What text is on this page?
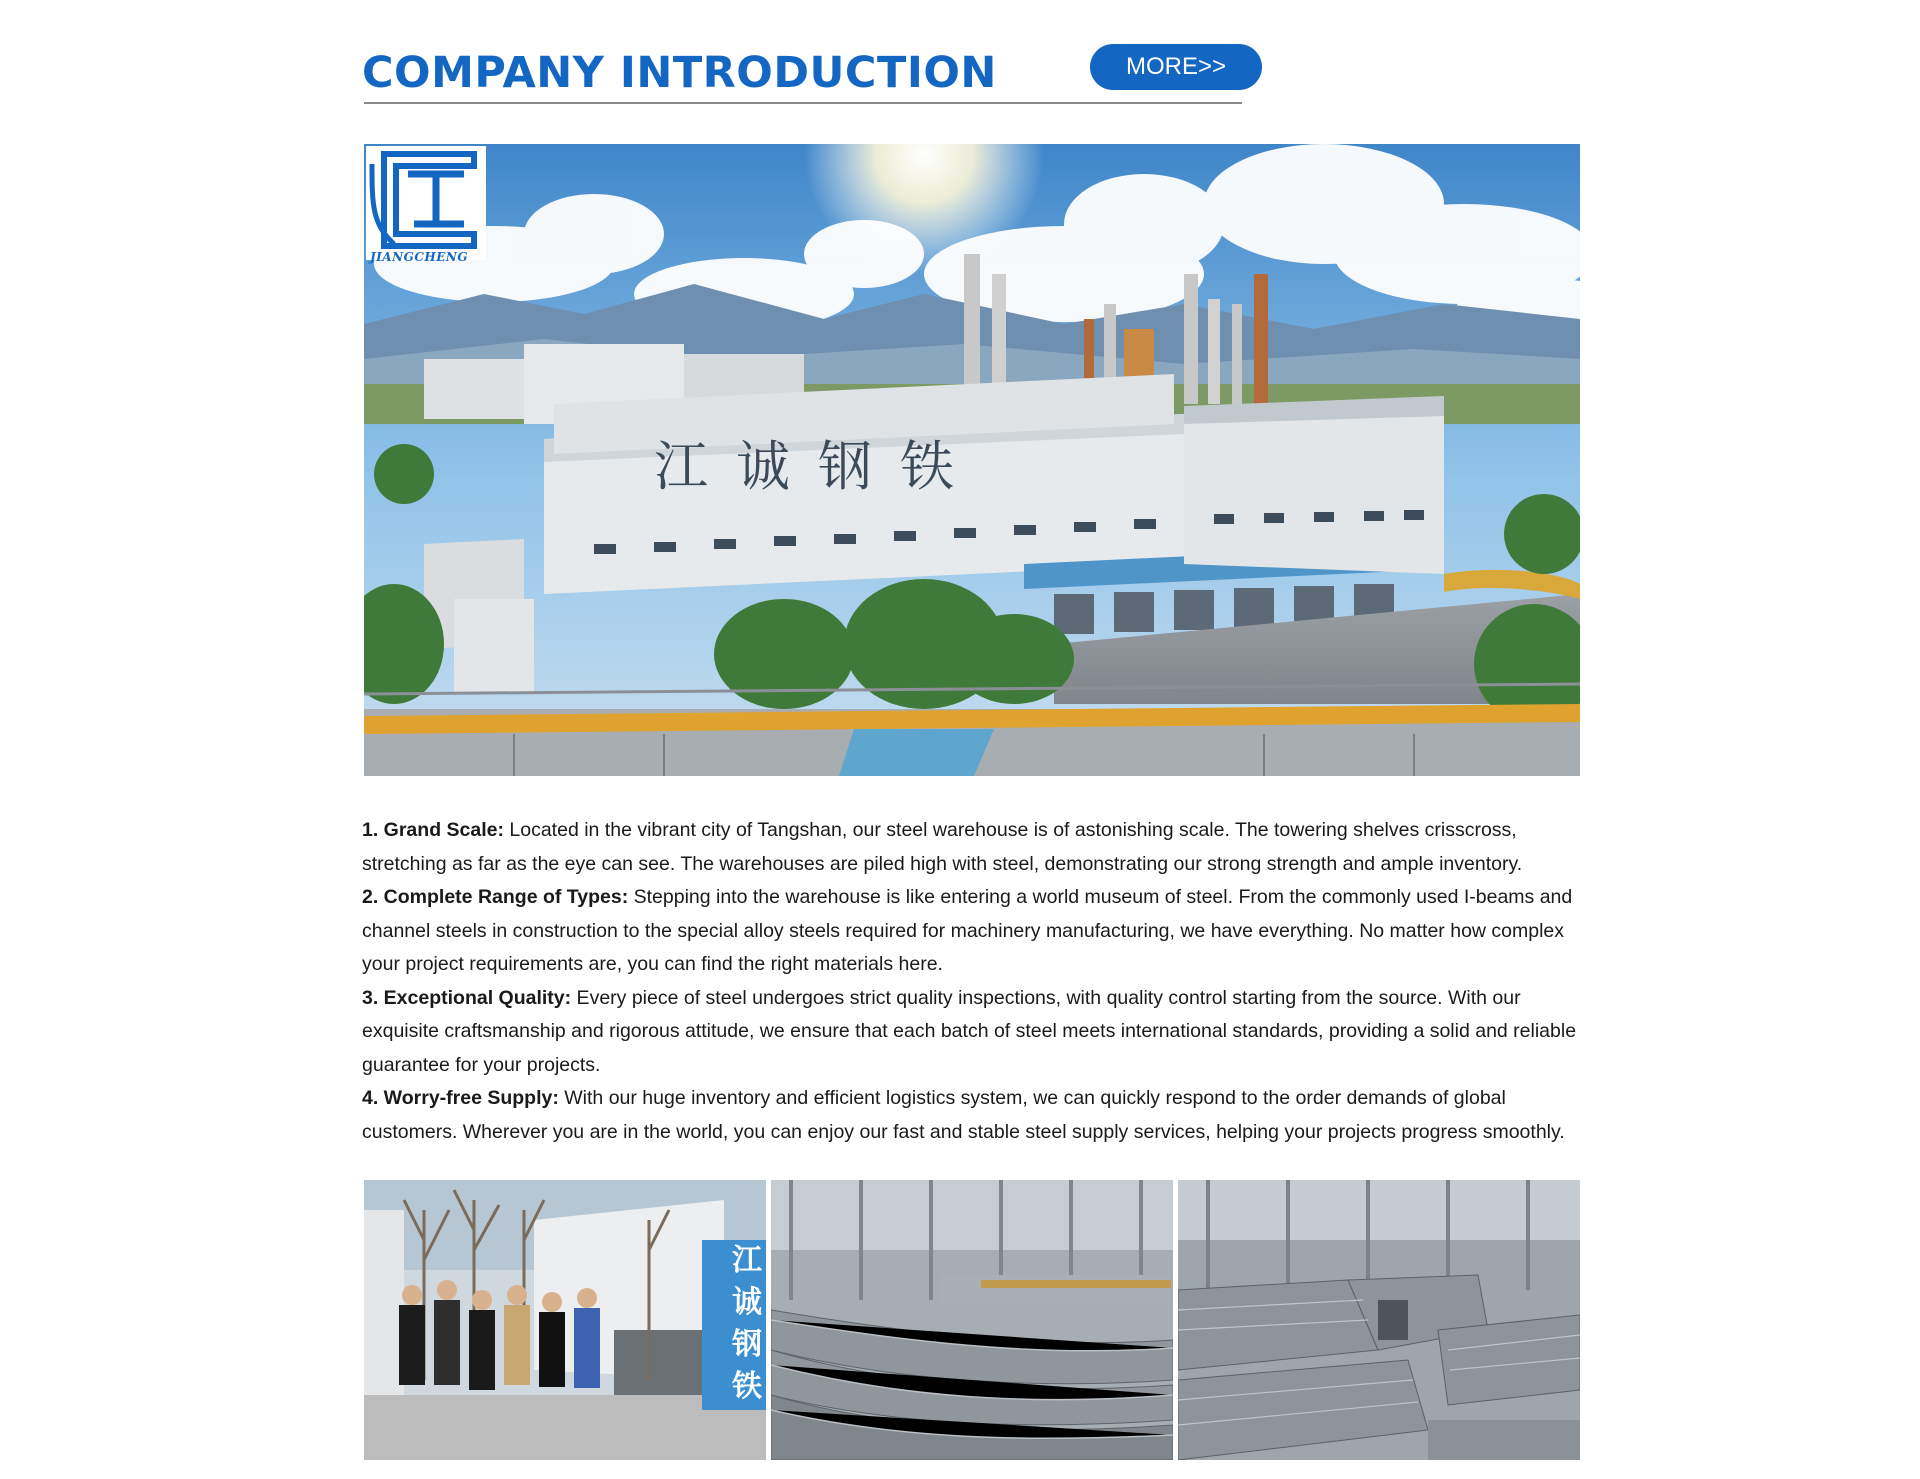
COMPANY INTRODUCTION	MORE>>
JIANGCHENG
江诚钢铁

1. Grand Scale: Located in the vibrant city of Tangshan, our steel warehouse is of astonishing scale. The towering shelves crisscross, stretching as far as the eye can see. The warehouses are piled high with steel, demonstrating our strong strength and ample inventory.

2. Complete Range of Types: Stepping into the warehouse is like entering a world museum of steel. From the commonly used I-beams and channel steels in construction to the special alloy steels required for machinery manufacturing, we have everything. No matter how complex your project requirements are, you can find the right materials here.

3. Exceptional Quality: Every piece of steel undergoes strict quality inspections, with quality control starting from the source. With our exquisite craftsmanship and rigorous attitude, we ensure that each batch of steel meets international standards, providing a solid and reliable guarantee for your projects.

4. Worry-free Supply: With our huge inventory and efficient logistics system, we can quickly respond to the order demands of global customers. Wherever you are in the world, you can enjoy our fast and stable steel supply services, helping your projects progress smoothly.

江
诚
钢
铁
